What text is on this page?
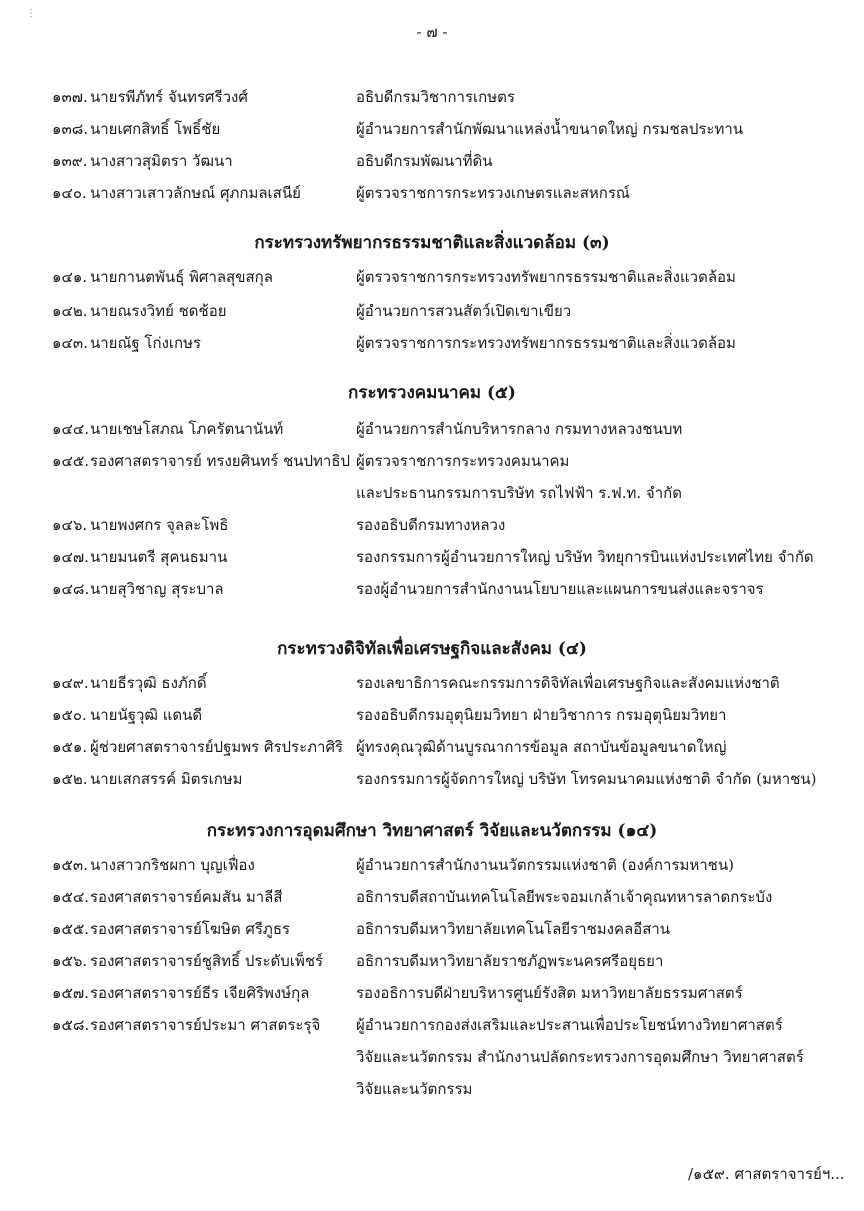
⋮
- ๗ -
๑๓๗. นายรพีภัทร์ จันทรศรีวงศ์	อธิบดีกรมวิชาการเกษตร
๑๓๘. นายเศกสิทธิ์ โพธิ์ชัย	ผู้อำนวยการสำนักพัฒนาแหล่งน้ำขนาดใหญ่ กรมชลประทาน
๑๓๙. นางสาวสุมิตรา วัฒนา	อธิบดีกรมพัฒนาที่ดิน
๑๔๐. นางสาวเสาวลักษณ์ ศุภกมลเสนีย์	ผู้ตรวจราชการกระทรวงเกษตรและสหกรณ์
กระทรวงทรัพยากรธรรมชาติและสิ่งแวดล้อม (๓)
๑๔๑. นายกานตพันธุ์ พิศาลสุขสกุล	ผู้ตรวจราชการกระทรวงทรัพยากรธรรมชาติและสิ่งแวดล้อม
๑๔๒. นายณรงวิทย์ ชดช้อย	ผู้อำนวยการสวนสัตว์เปิดเขาเขียว
๑๔๓. นายณัฐ โก่งเกษร	ผู้ตรวจราชการกระทรวงทรัพยากรธรรมชาติและสิ่งแวดล้อม
กระทรวงคมนาคม (๕)
๑๔๔. นายเชษโสภณ โภครัตนานันท์	ผู้อำนวยการสำนักบริหารกลาง กรมทางหลวงชนบท
๑๔๕. รองศาสตราจารย์ ทรงยศินทร์ ชนปทาธิป ผู้ตรวจราชการกระทรวงคมนาคม
และประธานกรรมการบริษัท รถไฟฟ้า ร.ฟ.ท. จำกัด
๑๔๖. นายพงศกร จุลละโพธิ	รองอธิบดีกรมทางหลวง
๑๔๗. นายมนตรี สุคนธมาน	รองกรรมการผู้อำนวยการใหญ่ บริษัท วิทยุการบินแห่งประเทศไทย จำกัด
๑๔๘. นายสุวิชาญ สุระบาล	รองผู้อำนวยการสำนักงานนโยบายและแผนการขนส่งและจราจร
กระทรวงดิจิทัลเพื่อเศรษฐกิจและสังคม (๔)
๑๔๙. นายธีรวุฒิ ธงภักดิ์	รองเลขาธิการคณะกรรมการดิจิทัลเพื่อเศรษฐกิจและสังคมแห่งชาติ
๑๕๐. นายนัฐวุฒิ แดนดี	รองอธิบดีกรมอุตุนิยมวิทยา ฝ่ายวิชาการ กรมอุตุนิยมวิทยา
๑๕๑. ผู้ช่วยศาสตราจารย์ปฐมพร ศิรประภาศิริ ผู้ทรงคุณวุฒิด้านบูรณาการข้อมูล สถาบันข้อมูลขนาดใหญ่
๑๕๒. นายเสกสรรค์ มิตรเกษม	รองกรรมการผู้จัดการใหญ่ บริษัท โทรคมนาคมแห่งชาติ จำกัด (มหาชน)
กระทรวงการอุดมศึกษา วิทยาศาสตร์ วิจัยและนวัตกรรม (๑๔)
๑๕๓. นางสาวกริชผกา บุญเฟื่อง	ผู้อำนวยการสำนักงานนวัตกรรมแห่งชาติ (องค์การมหาชน)
๑๕๔. รองศาสตราจารย์คมสัน มาลีสี	อธิการบดีสถาบันเทคโนโลยีพระจอมเกล้าเจ้าคุณทหารลาดกระบัง
๑๕๕. รองศาสตราจารย์โฆษิต ศรีภูธร	อธิการบดีมหาวิทยาลัยเทคโนโลยีราชมงคลอีสาน
๑๕๖. รองศาสตราจารย์ชูสิทธิ์ ประดับเพ็ชร์ อธิการบดีมหาวิทยาลัยราชภัฏพระนครศรีอยุธยา
๑๕๗. รองศาสตราจารย์ธีร เจียศิริพงษ์กุล	รองอธิการบดีฝ่ายบริหารศูนย์รังสิต มหาวิทยาลัยธรรมศาสตร์
๑๕๘. รองศาสตราจารย์ประมา ศาสตระรุจิ ผู้อำนวยการกองส่งเสริมและประสานเพื่อประโยชน์ทางวิทยาศาสตร์
วิจัยและนวัตกรรม สำนักงานปลัดกระทรวงการอุดมศึกษา วิทยาศาสตร์
วิจัยและนวัตกรรม
/๑๕๙. ศาสตราจารย์ฯ...
